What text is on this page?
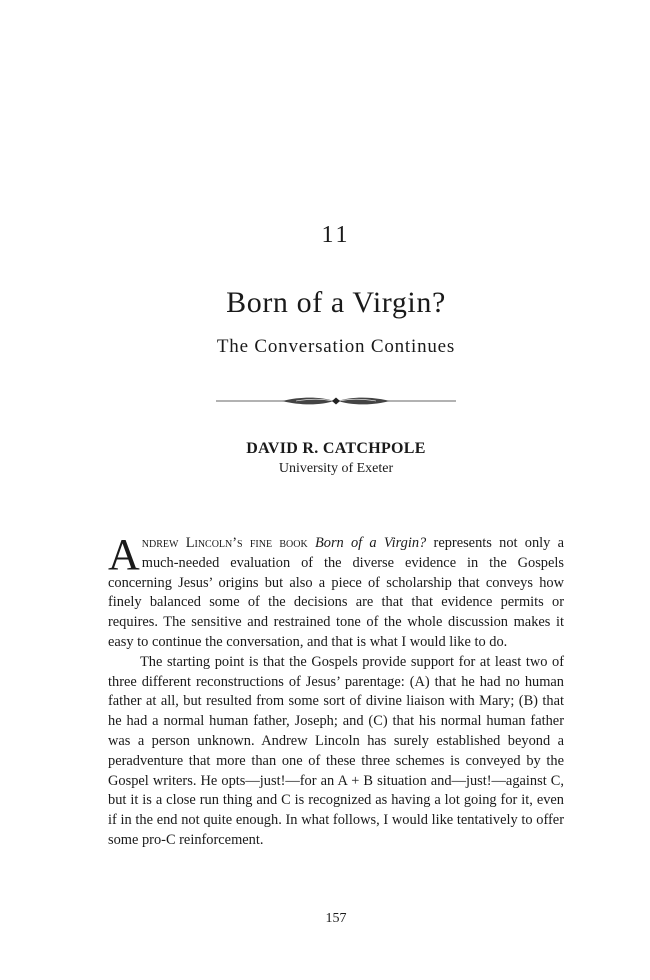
11
Born of a Virgin?
The Conversation Continues
DAVID R. CATCHPOLE
University of Exeter

Andrew Lincoln’s fine book Born of a Virgin? represents not only a much-needed evaluation of the diverse evidence in the Gospels concerning Jesus’ origins but also a piece of scholarship that conveys how finely balanced some of the decisions are that that evidence permits or requires. The sensitive and restrained tone of the whole discussion makes it easy to continue the conversation, and that is what I would like to do.

The starting point is that the Gospels provide support for at least two of three different reconstructions of Jesus’ parentage: (A) that he had no human father at all, but resulted from some sort of divine liaison with Mary; (B) that he had a normal human father, Joseph; and (C) that his normal human father was a person unknown. Andrew Lincoln has surely established beyond a peradventure that more than one of these three schemes is conveyed by the Gospel writers. He opts—just!—for an A + B situation and—just!—against C, but it is a close run thing and C is recognized as having a lot going for it, even if in the end not quite enough. In what follows, I would like tentatively to offer some pro-C reinforcement.

157
